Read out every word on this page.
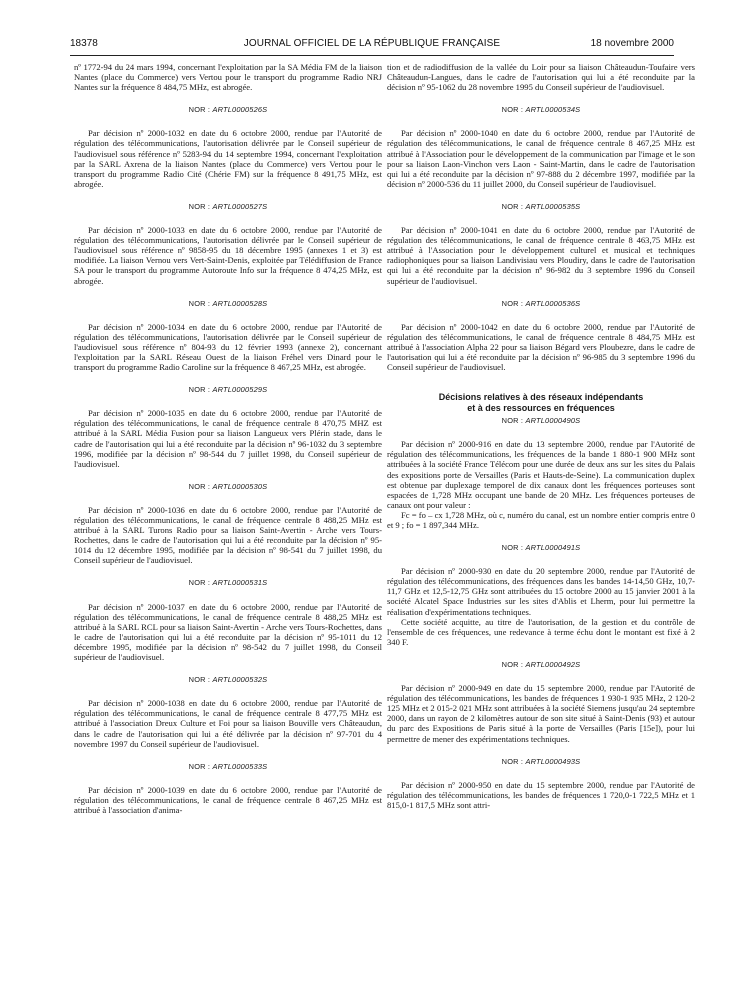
18378	JOURNAL OFFICIEL DE LA RÉPUBLIQUE FRANÇAISE	18 novembre 2000

nº 1772-94 du 24 mars 1994, concernant l'exploitation par la SA Média FM de la liaison Nantes (place du Commerce) vers Vertou pour le transport du programme Radio NRJ Nantes sur la fréquence 8 484,75 MHz, est abrogée.

NOR : ARTL0000526S

Par décision nº 2000-1032 en date du 6 octobre 2000, rendue par l'Autorité de régulation des télécommunications, l'autorisation délivrée par le Conseil supérieur de l'audiovisuel sous référence nº 5283-94 du 14 septembre 1994, concernant l'exploitation par la SARL Axrena de la liaison Nantes (place du Commerce) vers Vertou pour le transport du programme Radio Cité (Chérie FM) sur la fréquence 8 491,75 MHz, est abrogée.

NOR : ARTL0000527S

Par décision nº 2000-1033 en date du 6 octobre 2000, rendue par l'Autorité de régulation des télécommunications, l'autorisation délivrée par le Conseil supérieur de l'audiovisuel sous référence nº 9858-95 du 18 décembre 1995 (annexes 1 et 3) est modifiée. La liaison Vernou vers Vert-Saint-Denis, exploitée par Télédiffusion de France SA pour le transport du programme Autoroute Info sur la fréquence 8 474,25 MHz, est abrogée.

NOR : ARTL0000528S

Par décision nº 2000-1034 en date du 6 octobre 2000, rendue par l'Autorité de régulation des télécommunications, l'autorisation délivrée par le Conseil supérieur de l'audiovisuel sous référence nº 804-93 du 12 février 1993 (annexe 2), concernant l'exploitation par la SARL Réseau Ouest de la liaison Fréhel vers Dinard pour le transport du programme Radio Caroline sur la fréquence 8 467,25 MHz, est abrogée.

NOR : ARTL0000529S

Par décision nº 2000-1035 en date du 6 octobre 2000, rendue par l'Autorité de régulation des télécommunications, le canal de fréquence centrale 8 470,75 MHZ est attribué à la SARL Média Fusion pour sa liaison Langueux vers Plérin stade, dans le cadre de l'autorisation qui lui a été reconduite par la décision nº 96-1032 du 3 septembre 1996, modifiée par la décision nº 98-544 du 7 juillet 1998, du Conseil supérieur de l'audiovisuel.

NOR : ARTL0000530S

Par décision nº 2000-1036 en date du 6 octobre 2000, rendue par l'Autorité de régulation des télécommunications, le canal de fréquence centrale 8 488,25 MHz est attribué à la SARL Turons Radio pour sa liaison Saint-Avertin - Arche vers Tours-Rochettes, dans le cadre de l'autorisation qui lui a été reconduite par la décision nº 95-1014 du 12 décembre 1995, modifiée par la décision nº 98-541 du 7 juillet 1998, du Conseil supérieur de l'audiovisuel.

NOR : ARTL0000531S

Par décision nº 2000-1037 en date du 6 octobre 2000, rendue par l'Autorité de régulation des télécommunications, le canal de fréquence centrale 8 488,25 MHz est attribué à la SARL RCL pour sa liaison Saint-Avertin - Arche vers Tours-Rochettes, dans le cadre de l'autorisation qui lui a été reconduite par la décision nº 95-1011 du 12 décembre 1995, modifiée par la décision nº 98-542 du 7 juillet 1998, du Conseil supérieur de l'audiovisuel.

NOR : ARTL0000532S

Par décision nº 2000-1038 en date du 6 octobre 2000, rendue par l'Autorité de régulation des télécommunications, le canal de fréquence centrale 8 477,75 MHz est attribué à l'association Dreux Culture et Foi pour sa liaison Bouville vers Châteaudun, dans le cadre de l'autorisation qui lui a été délivrée par la décision nº 97-701 du 4 novembre 1997 du Conseil supérieur de l'audiovisuel.

NOR : ARTL0000533S

Par décision nº 2000-1039 en date du 6 octobre 2000, rendue par l'Autorité de régulation des télécommunications, le canal de fréquence centrale 8 467,25 MHz est attribué à l'association d'anima-

tion et de radiodiffusion de la vallée du Loir pour sa liaison Châteaudun-Toufaire vers Châteaudun-Langues, dans le cadre de l'autorisation qui lui a été reconduite par la décision nº 95-1062 du 28 novembre 1995 du Conseil supérieur de l'audiovisuel.

NOR : ARTL0000534S

Par décision nº 2000-1040 en date du 6 octobre 2000, rendue par l'Autorité de régulation des télécommunications, le canal de fréquence centrale 8 467,25 MHz est attribué à l'Association pour le développement de la communication par l'image et le son pour sa liaison Laon-Vinchon vers Laon - Saint-Martin, dans le cadre de l'autorisation qui lui a été reconduite par la décision nº 97-888 du 2 décembre 1997, modifiée par la décision nº 2000-536 du 11 juillet 2000, du Conseil supérieur de l'audiovisuel.

NOR : ARTL0000535S

Par décision nº 2000-1041 en date du 6 octobre 2000, rendue par l'Autorité de régulation des télécommunications, le canal de fréquence centrale 8 463,75 MHz est attribué à l'Association pour le développement culturel et musical et techniques radiophoniques pour sa liaison Landivisiau vers Ploudiry, dans le cadre de l'autorisation qui lui a été reconduite par la décision nº 96-982 du 3 septembre 1996 du Conseil supérieur de l'audiovisuel.

NOR : ARTL0000536S

Par décision nº 2000-1042 en date du 6 octobre 2000, rendue par l'Autorité de régulation des télécommunications, le canal de fréquence centrale 8 484,75 MHz est attribué à l'association Alpha 22 pour sa liaison Bégard vers Ploubezre, dans le cadre de l'autorisation qui lui a été reconduite par la décision nº 96-985 du 3 septembre 1996 du Conseil supérieur de l'audiovisuel.

Décisions relatives à des réseaux indépendants
et à des ressources en fréquences
NOR : ARTL0000490S

Par décision nº 2000-916 en date du 13 septembre 2000, rendue par l'Autorité de régulation des télécommunications, les fréquences de la bande 1 880-1 900 MHz sont attribuées à la société France Télécom pour une durée de deux ans sur les sites du Palais des expositions porte de Versailles (Paris et Hauts-de-Seine). La communication duplex est obtenue par duplexage temporel de dix canaux dont les fréquences porteuses sont espacées de 1,728 MHz occupant une bande de 20 MHz. Les fréquences porteuses de canaux ont pour valeur :

Fc = fo – cx 1,728 MHz, où c, numéro du canal, est un nombre entier compris entre 0 et 9 ; fo = 1 897,344 MHz.

NOR : ARTL0000491S

Par décision nº 2000-930 en date du 20 septembre 2000, rendue par l'Autorité de régulation des télécommunications, des fréquences dans les bandes 14-14,50 GHz, 10,7-11,7 GHz et 12,5-12,75 GHz sont attribuées du 15 octobre 2000 au 15 janvier 2001 à la société Alcatel Space Industries sur les sites d'Ablis et Lherm, pour lui permettre la réalisation d'expérimentations techniques.

Cette société acquitte, au titre de l'autorisation, de la gestion et du contrôle de l'ensemble de ces fréquences, une redevance à terme échu dont le montant est fixé à 2 340 F.

NOR : ARTL0000492S

Par décision nº 2000-949 en date du 15 septembre 2000, rendue par l'Autorité de régulation des télécommunications, les bandes de fréquences 1 930-1 935 MHz, 2 120-2 125 MHz et 2 015-2 021 MHz sont attribuées à la société Siemens jusqu'au 24 septembre 2000, dans un rayon de 2 kilomètres autour de son site situé à Saint-Denis (93) et autour du parc des Expositions de Paris situé à la porte de Versailles (Paris [15e]), pour lui permettre de mener des expérimentations techniques.

NOR : ARTL0000493S

Par décision nº 2000-950 en date du 15 septembre 2000, rendue par l'Autorité de régulation des télécommunications, les bandes de fréquences 1 720,0-1 722,5 MHz et 1 815,0-1 817,5 MHz sont attri-
